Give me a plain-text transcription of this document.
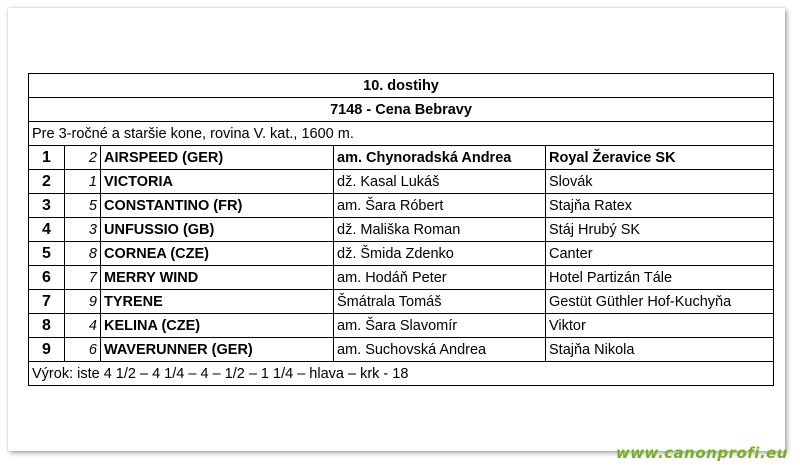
10. dostihy				
7148 - Cena Bebravy				
Pre 3-ročné a staršie kone, rovina V. kat., 1600 m.				
1	2	AIRSPEED (GER)	am. Chynoradská Andrea	Royal Žeravice SK
2	1	VICTORIA	dž. Kasal Lukáš	Slovák
3	5	CONSTANTINO (FR)	am. Šara Róbert	Stajňa Ratex
4	3	UNFUSSIO (GB)	dž. Mališka Roman	Stáj Hrubý SK
5	8	CORNEA (CZE)	dž. Šmida Zdenko	Canter
6	7	MERRY WIND	am. Hodáň Peter	Hotel Partizán Tále
7	9	TYRENE	Šmátrala Tomáš	Gestüt Güthler Hof-Kuchyňa
8	4	KELINA (CZE)	am. Šara Slavomír	Viktor
9	6	WAVERUNNER (GER)	am. Suchovská Andrea	Stajňa Nikola
Výrok: iste 4 1/2 – 4 1/4 – 4 – 1/2 – 1 1/4 – hlava – krk - 18				
www.canonprofi.eu
